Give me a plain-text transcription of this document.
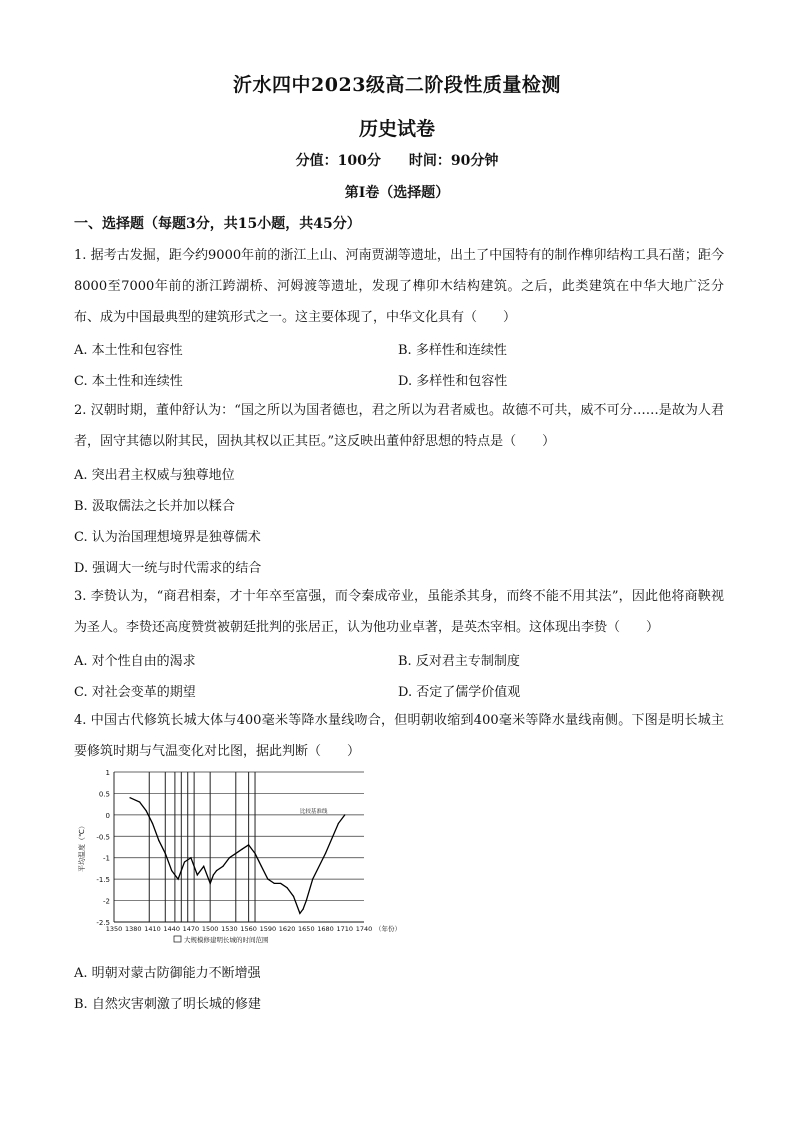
沂水四中2023级高二阶段性质量检测
历史试卷
分值：100分　　时间：90分钟
第Ⅰ卷（选择题）
一、选择题（每题3分，共15小题，共45分）
1. 据考古发掘，距今约9000年前的浙江上山、河南贾湖等遗址，出土了中国特有的制作榫卯结构工具石凿；距今8000至7000年前的浙江跨湖桥、河姆渡等遗址，发现了榫卯木结构建筑。之后，此类建筑在中华大地广泛分布、成为中国最典型的建筑形式之一。这主要体现了，中华文化具有（　　）
A. 本土性和包容性	B. 多样性和连续性
C. 本土性和连续性	D. 多样性和包容性
2. 汉朝时期，董仲舒认为：“国之所以为国者德也，君之所以为君者威也。故德不可共，威不可分……是故为人君者，固守其德以附其民，固执其权以正其臣。”这反映出董仲舒思想的特点是（　　）
A. 突出君主权威与独尊地位
B. 汲取儒法之长并加以糅合
C. 认为治国理想境界是独尊儒术
D. 强调大一统与时代需求的结合
3. 李贽认为，“商君相秦，才十年卒至富强，而令秦成帝业，虽能杀其身，而终不能不用其法”，因此他将商鞅视为圣人。李贽还高度赞赏被朝廷批判的张居正，认为他功业卓著，是英杰宰相。这体现出李贽（　　）
A. 对个性自由的渴求	B. 反对君主专制制度
C. 对社会变革的期望	D. 否定了儒学价值观
4. 中国古代修筑长城大体与400毫米等降水量线吻合，但明朝收缩到400毫米等降水量线南侧。下图是明长城主要修筑时期与气温变化对比图，据此判断（　　）
1
0.5
0
-0.5
-1
-1.5
-2
-2.5
1350 1380 1410 1440 1470 1500 1530 1560 1590 1620 1650 1680 1710 1740 （年份）
平均温度（℃）
比较基准线
大规模修建明长城的时间范围
A. 明朝对蒙古防御能力不断增强
B. 自然灾害刺激了明长城的修建
